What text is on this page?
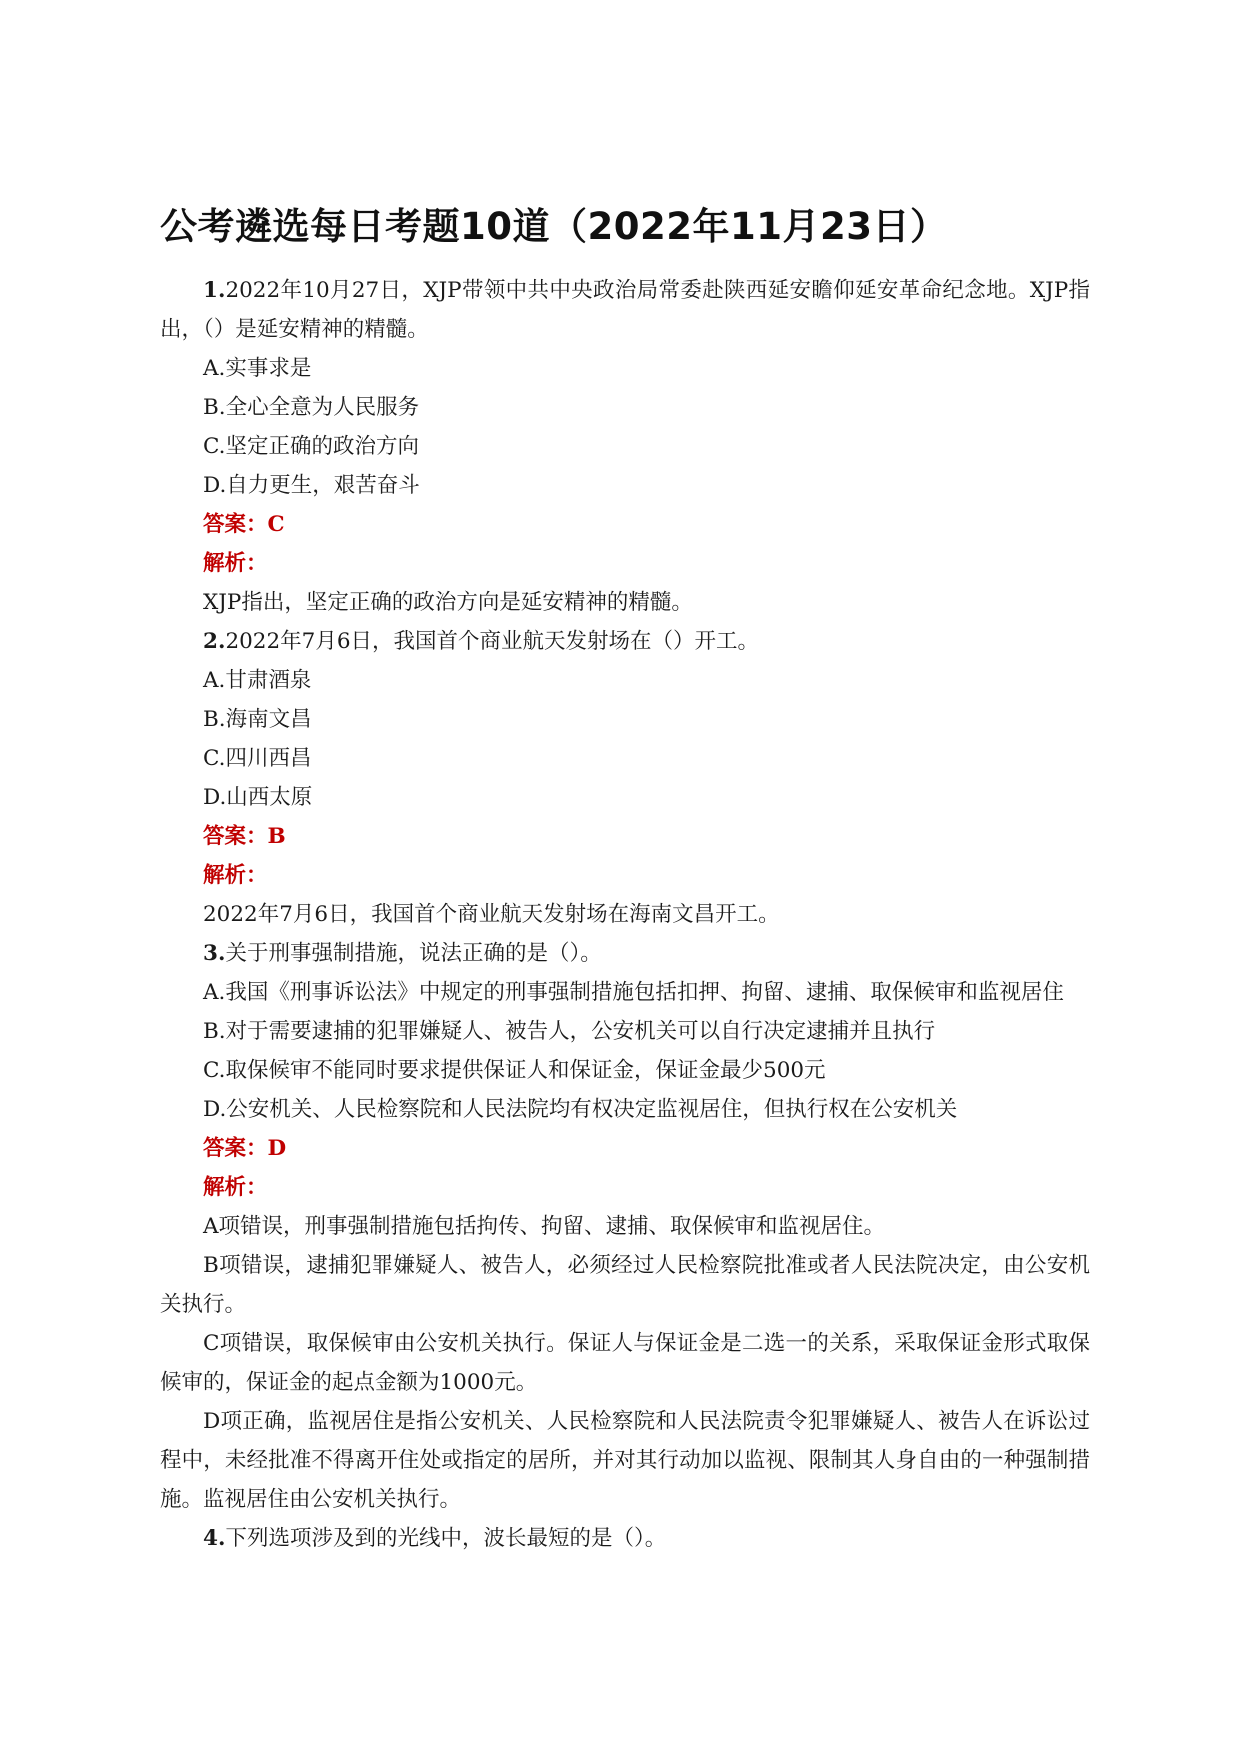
公考遴选每日考题10道（2022年11月23日）

1.2022年10月27日，XJP带领中共中央政治局常委赴陕西延安瞻仰延安革命纪念地。XJP指出，（）是延安精神的精髓。

A.实事求是

B.全心全意为人民服务

C.坚定正确的政治方向

D.自力更生，艰苦奋斗

答案：C

解析：

XJP指出，坚定正确的政治方向是延安精神的精髓。

2.2022年7月6日，我国首个商业航天发射场在（）开工。

A.甘肃酒泉

B.海南文昌

C.四川西昌

D.山西太原

答案：B

解析：

2022年7月6日，我国首个商业航天发射场在海南文昌开工。

3.关于刑事强制措施，说法正确的是（）。

A.我国《刑事诉讼法》中规定的刑事强制措施包括扣押、拘留、逮捕、取保候审和监视居住

B.对于需要逮捕的犯罪嫌疑人、被告人，公安机关可以自行决定逮捕并且执行

C.取保候审不能同时要求提供保证人和保证金，保证金最少500元

D.公安机关、人民检察院和人民法院均有权决定监视居住，但执行权在公安机关

答案：D

解析：

A项错误，刑事强制措施包括拘传、拘留、逮捕、取保候审和监视居住。

B项错误，逮捕犯罪嫌疑人、被告人，必须经过人民检察院批准或者人民法院决定，由公安机关执行。

C项错误，取保候审由公安机关执行。保证人与保证金是二选一的关系，采取保证金形式取保候审的，保证金的起点金额为1000元。

D项正确，监视居住是指公安机关、人民检察院和人民法院责令犯罪嫌疑人、被告人在诉讼过程中，未经批准不得离开住处或指定的居所，并对其行动加以监视、限制其人身自由的一种强制措施。监视居住由公安机关执行。

4.下列选项涉及到的光线中，波长最短的是（）。
